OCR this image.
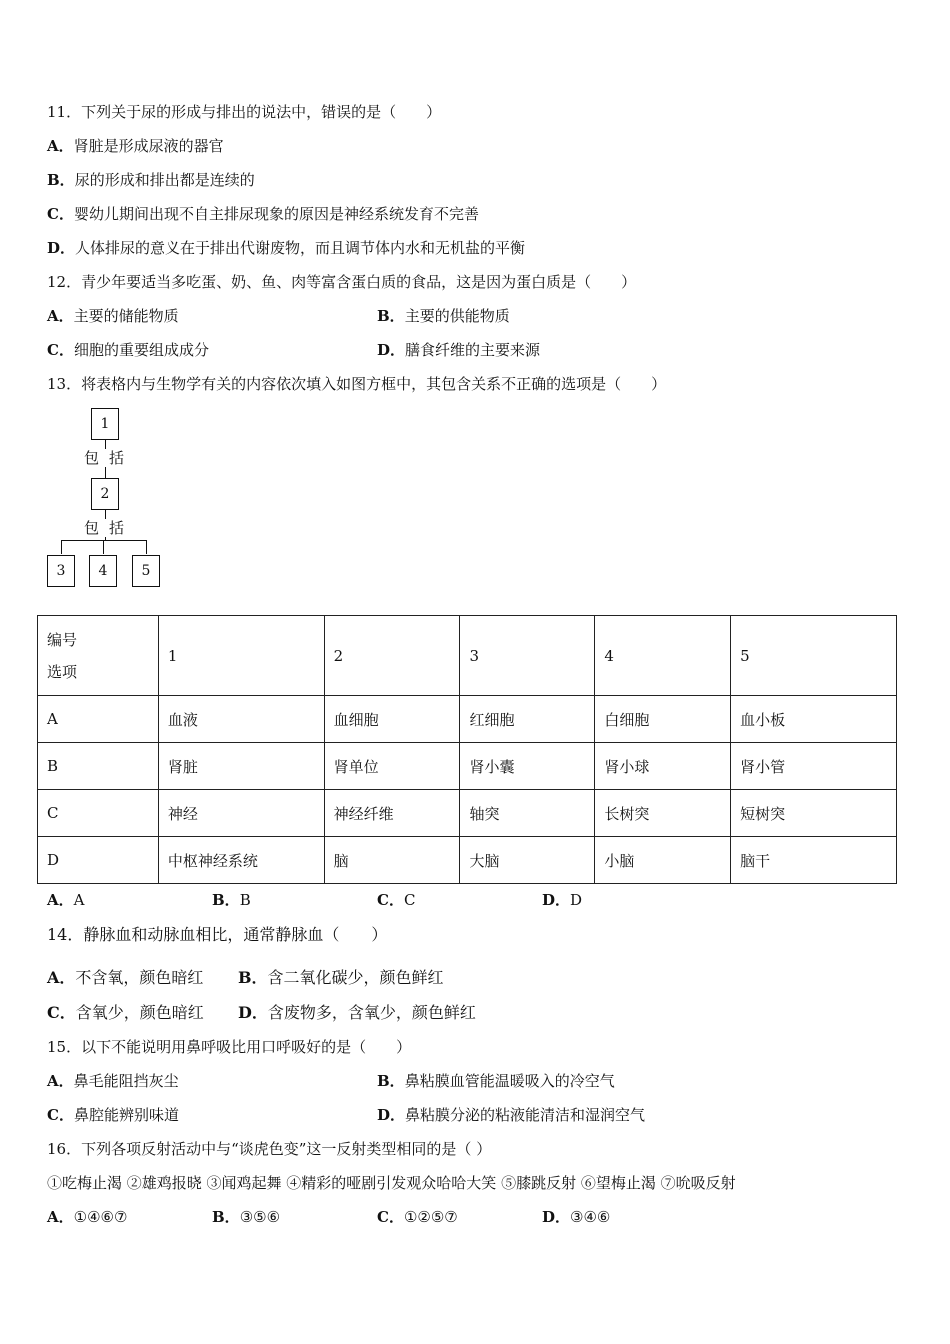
11．下列关于尿的形成与排出的说法中，错误的是（　　）
A．肾脏是形成尿液的器官
B．尿的形成和排出都是连续的
C．婴幼儿期间出现不自主排尿现象的原因是神经系统发育不完善
D．人体排尿的意义在于排出代谢废物，而且调节体内水和无机盐的平衡
12．青少年要适当多吃蛋、奶、鱼、肉等富含蛋白质的食品，这是因为蛋白质是（　　）
A．主要的储能物质	B．主要的供能物质
C．细胞的重要组成成分	D．膳食纤维的主要来源
13．将表格内与生物学有关的内容依次填入如图方框中，其包含关系不正确的选项是（　　）
1
包括
2
包括
3	4	5
编号
选项	1	2	3	4	5
A	血液	血细胞	红细胞	白细胞	血小板
B	肾脏	肾单位	肾小囊	肾小球	肾小管
C	神经	神经纤维	轴突	长树突	短树突
D	中枢神经系统	脑	大脑	小脑	脑干
A．A	B．B	C．C	D．D
14．静脉血和动脉血相比，通常静脉血（　　）
A．不含氧，颜色暗红 B．含二氧化碳少，颜色鲜红
C．含氧少，颜色暗红 D．含废物多，含氧少，颜色鲜红
15．以下不能说明用鼻呼吸比用口呼吸好的是（　　）
A．鼻毛能阻挡灰尘	B．鼻粘膜血管能温暖吸入的冷空气
C．鼻腔能辨别味道	D．鼻粘膜分泌的粘液能清洁和湿润空气
16．下列各项反射活动中与“谈虎色变”这一反射类型相同的是（ ）
①吃梅止渴 ②雄鸡报晓 ③闻鸡起舞 ④精彩的哑剧引发观众哈哈大笑 ⑤膝跳反射 ⑥望梅止渴 ⑦吮吸反射
A．①④⑥⑦	B．③⑤⑥	C．①②⑤⑦	D．③④⑥
